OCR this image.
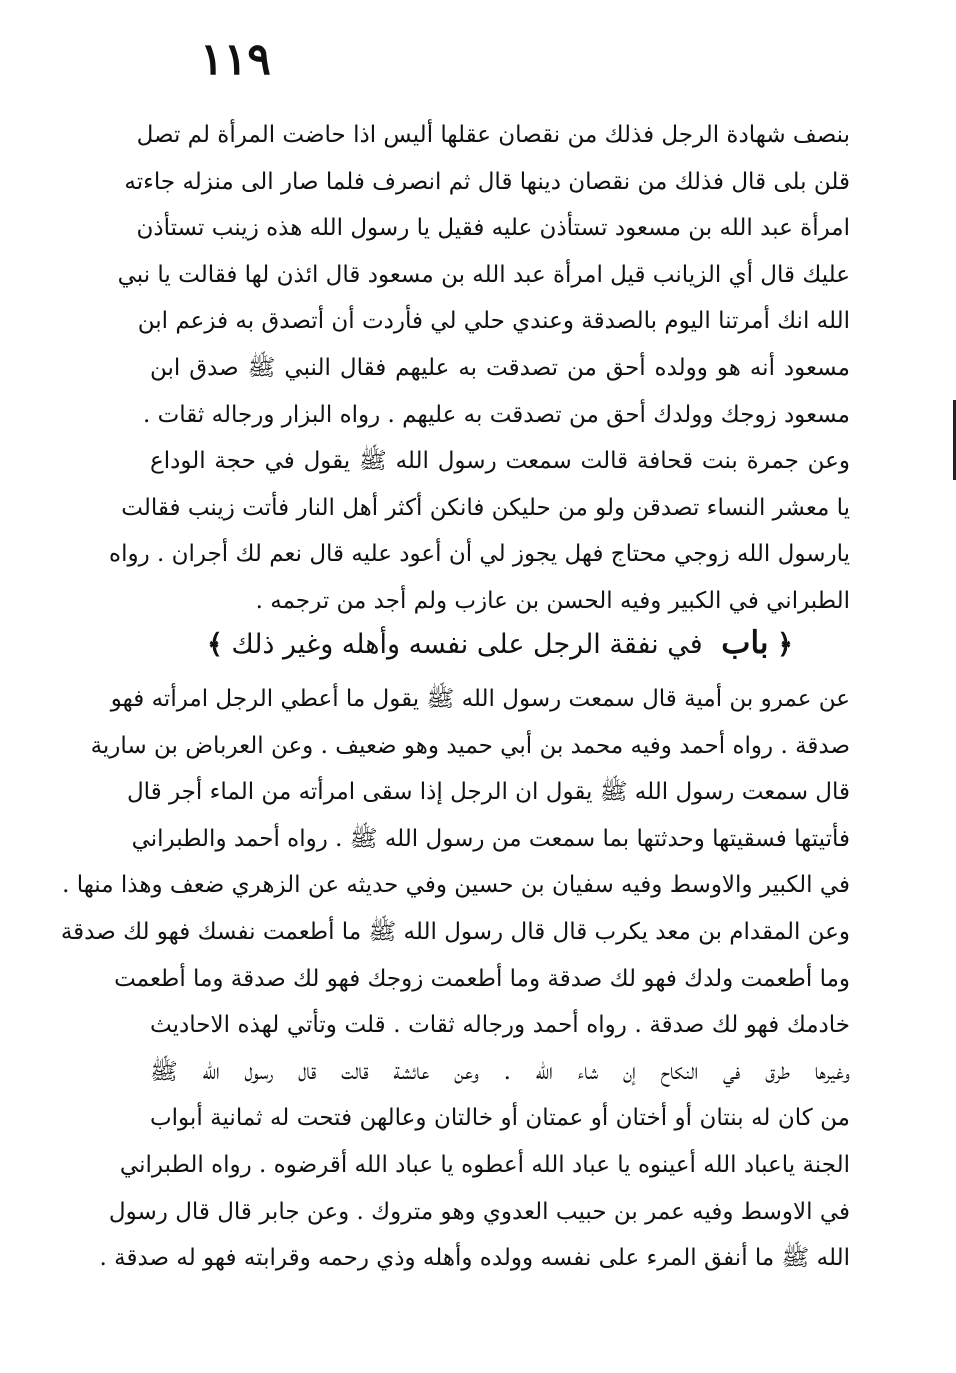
١١٩
بنصف شهادة الرجل فذلك من نقصان عقلها أليس اذا حاضت المرأة لم تصل
قلن بلى قال فذلك من نقصان دينها قال ثم انصرف فلما صار الى منزله جاءته
امرأة عبد الله بن مسعود تستأذن عليه فقيل يا رسول الله هذه زينب تستأذن
عليك قال أي الزيانب قيل امرأة عبد الله بن مسعود قال ائذن لها فقالت يا نبي
الله انك أمرتنا اليوم بالصدقة وعندي حلي لي فأردت أن أتصدق به فزعم ابن
مسعود أنه هو وولده أحق من تصدقت به عليهم فقال النبي ﷺ صدق ابن
مسعود زوجك وولدك أحق من تصدقت به عليهم . رواه البزار ورجاله ثقات .
وعن جمرة بنت قحافة قالت سمعت رسول الله ﷺ يقول في حجة الوداع
يا معشر النساء تصدقن ولو من حليكن فانكن أكثر أهل النار فأتت زينب فقالت
يارسول الله زوجي محتاج فهل يجوز لي أن أعود عليه قال نعم لك أجران . رواه
الطبراني في الكبير وفيه الحسن بن عازب ولم أجد من ترجمه .
﴿ باب في نفقة الرجل على نفسه وأهله وغير ذلك ﴾
عن عمرو بن أمية قال سمعت رسول الله ﷺ يقول ما أعطي الرجل امرأته فهو
صدقة . رواه أحمد وفيه محمد بن أبي حميد وهو ضعيف . وعن العرباض بن سارية
قال سمعت رسول الله ﷺ يقول ان الرجل إذا سقى امرأته من الماء أجر قال
فأتيتها فسقيتها وحدثتها بما سمعت من رسول الله ﷺ . رواه أحمد والطبراني
في الكبير والاوسط وفيه سفيان بن حسين وفي حديثه عن الزهري ضعف وهذا منها .
وعن المقدام بن معد يكرب قال قال رسول الله ﷺ ما أطعمت نفسك فهو لك صدقة
وما أطعمت ولدك فهو لك صدقة وما أطعمت زوجك فهو لك صدقة وما أطعمت
خادمك فهو لك صدقة . رواه أحمد ورجاله ثقات . قلت وتأتي لهذه الاحاديث
وغيرها طرق في النكاح إن شاء الله . وعن عائشة قالت قال رسول الله ﷺ
من كان له بنتان أو أختان أو عمتان أو خالتان وعالهن فتحت له ثمانية أبواب
الجنة ياعباد الله أعينوه يا عباد الله أعطوه يا عباد الله أقرضوه . رواه الطبراني
في الاوسط وفيه عمر بن حبيب العدوي وهو متروك . وعن جابر قال قال رسول
الله ﷺ ما أنفق المرء على نفسه وولده وأهله وذي رحمه وقرابته فهو له صدقة .
